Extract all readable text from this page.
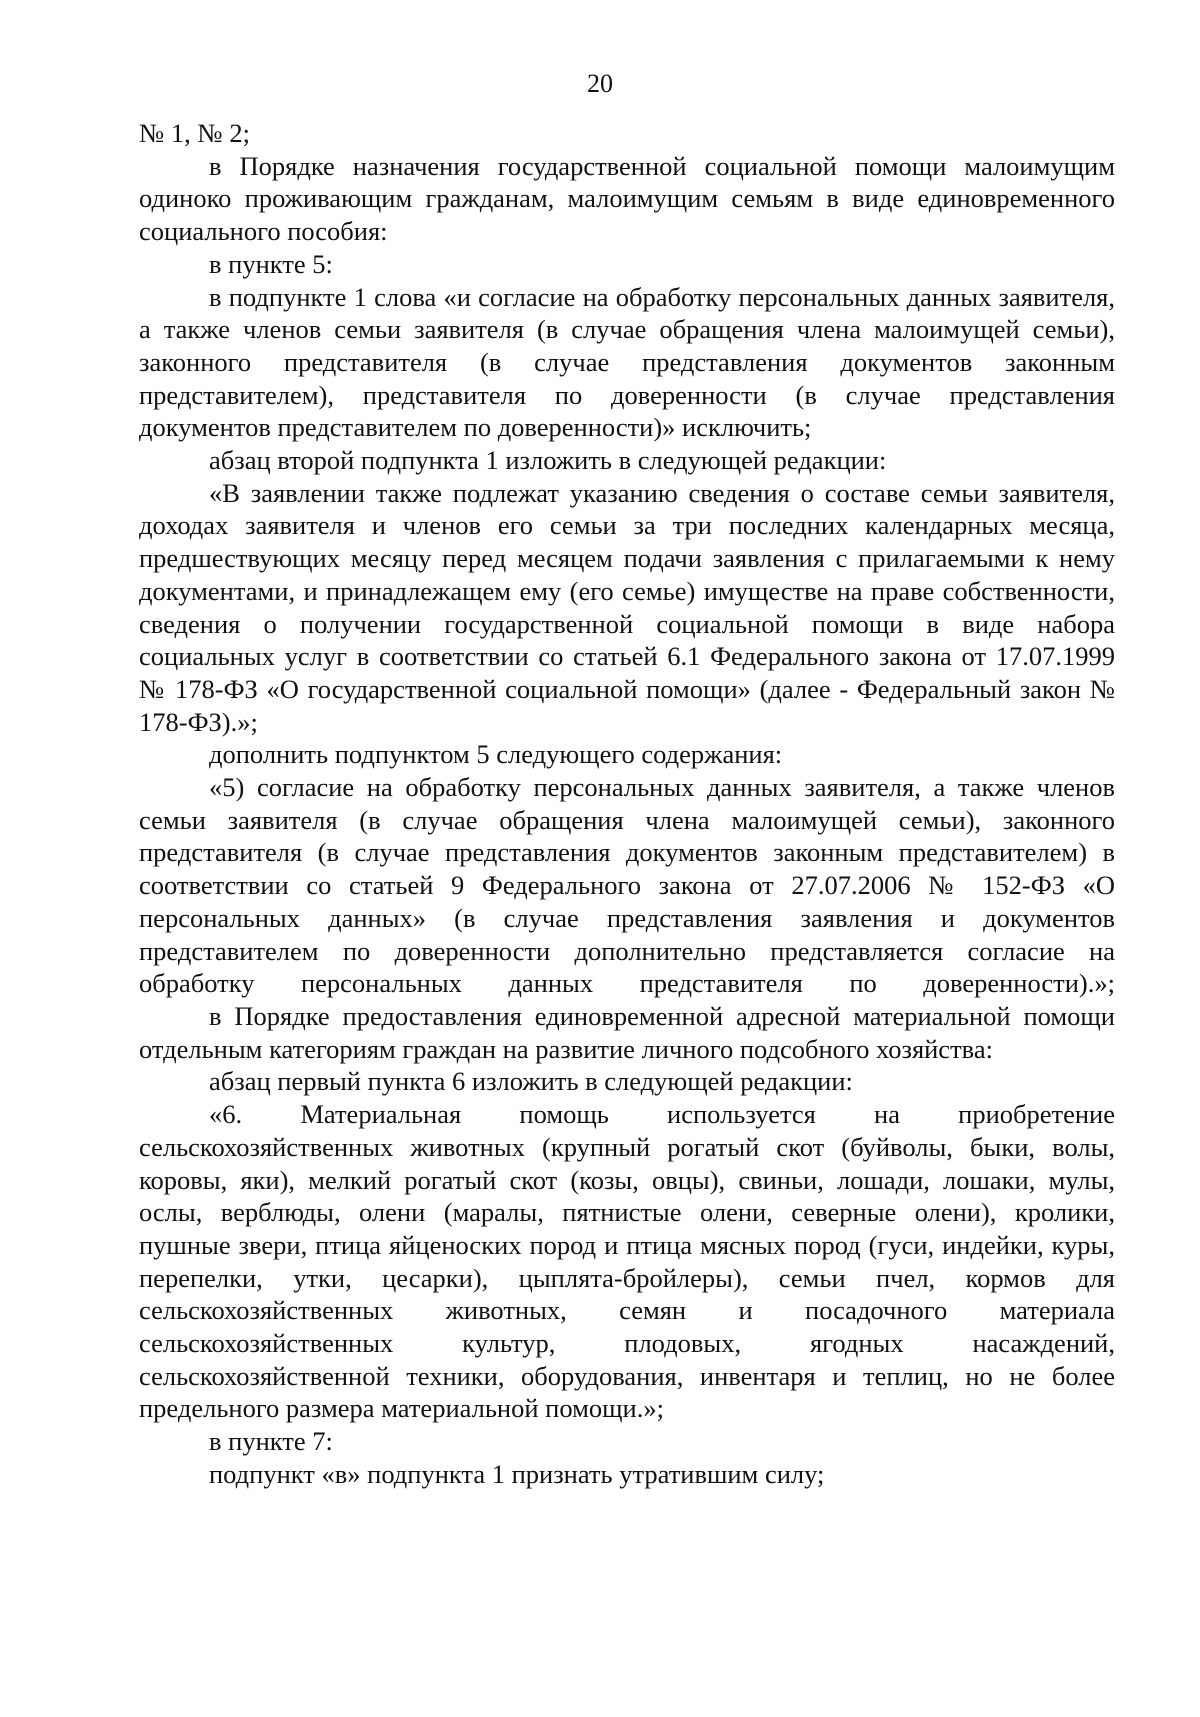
20

№ 1, № 2;

в Порядке назначения государственной социальной помощи малоимущим одиноко проживающим гражданам, малоимущим семьям в виде единовременного социального пособия:

в пункте 5:

в подпункте 1 слова «и согласие на обработку персональных данных заявителя, а также членов семьи заявителя (в случае обращения члена малоимущей семьи), законного представителя (в случае представления документов законным представителем), представителя по доверенности (в случае представления документов представителем по доверенности)» исключить;

абзац второй подпункта 1 изложить в следующей редакции:

«В заявлении также подлежат указанию сведения о составе семьи заявителя, доходах заявителя и членов его семьи за три последних календарных месяца, предшествующих месяцу перед месяцем подачи заявления с прилагаемыми к нему документами, и принадлежащем ему (его семье) имуществе на праве собственности, сведения о получении государственной социальной помощи в виде набора социальных услуг в соответствии со статьей 6.1 Федерального закона от 17.07.1999 № 178-ФЗ «О государственной социальной помощи» (далее - Федеральный закон № 178-ФЗ).»;

дополнить подпунктом 5 следующего содержания:

«5) согласие на обработку персональных данных заявителя, а также членов семьи заявителя (в случае обращения члена малоимущей семьи), законного представителя (в случае представления документов законным представителем) в соответствии со статьей 9 Федерального закона от 27.07.2006 № 152-ФЗ «О персональных данных» (в случае представления заявления и документов представителем по доверенности дополнительно представляется согласие на обработку персональных данных представителя по доверенности).»;

в Порядке предоставления единовременной адресной материальной помощи отдельным категориям граждан на развитие личного подсобного хозяйства:

абзац первый пункта 6 изложить в следующей редакции:

«6. Материальная помощь используется на приобретение сельскохозяйственных животных (крупный рогатый скот (буйволы, быки, волы, коровы, яки), мелкий рогатый скот (козы, овцы), свиньи, лошади, лошаки, мулы, ослы, верблюды, олени (маралы, пятнистые олени, северные олени), кролики, пушные звери, птица яйценоских пород и птица мясных пород (гуси, индейки, куры, перепелки, утки, цесарки), цыплята-бройлеры), семьи пчел, кормов для сельскохозяйственных животных, семян и посадочного материала сельскохозяйственных культур, плодовых, ягодных насаждений, сельскохозяйственной техники, оборудования, инвентаря и теплиц, но не более предельного размера материальной помощи.»;

в пункте 7:

подпункт «в» подпункта 1 признать утратившим силу;
